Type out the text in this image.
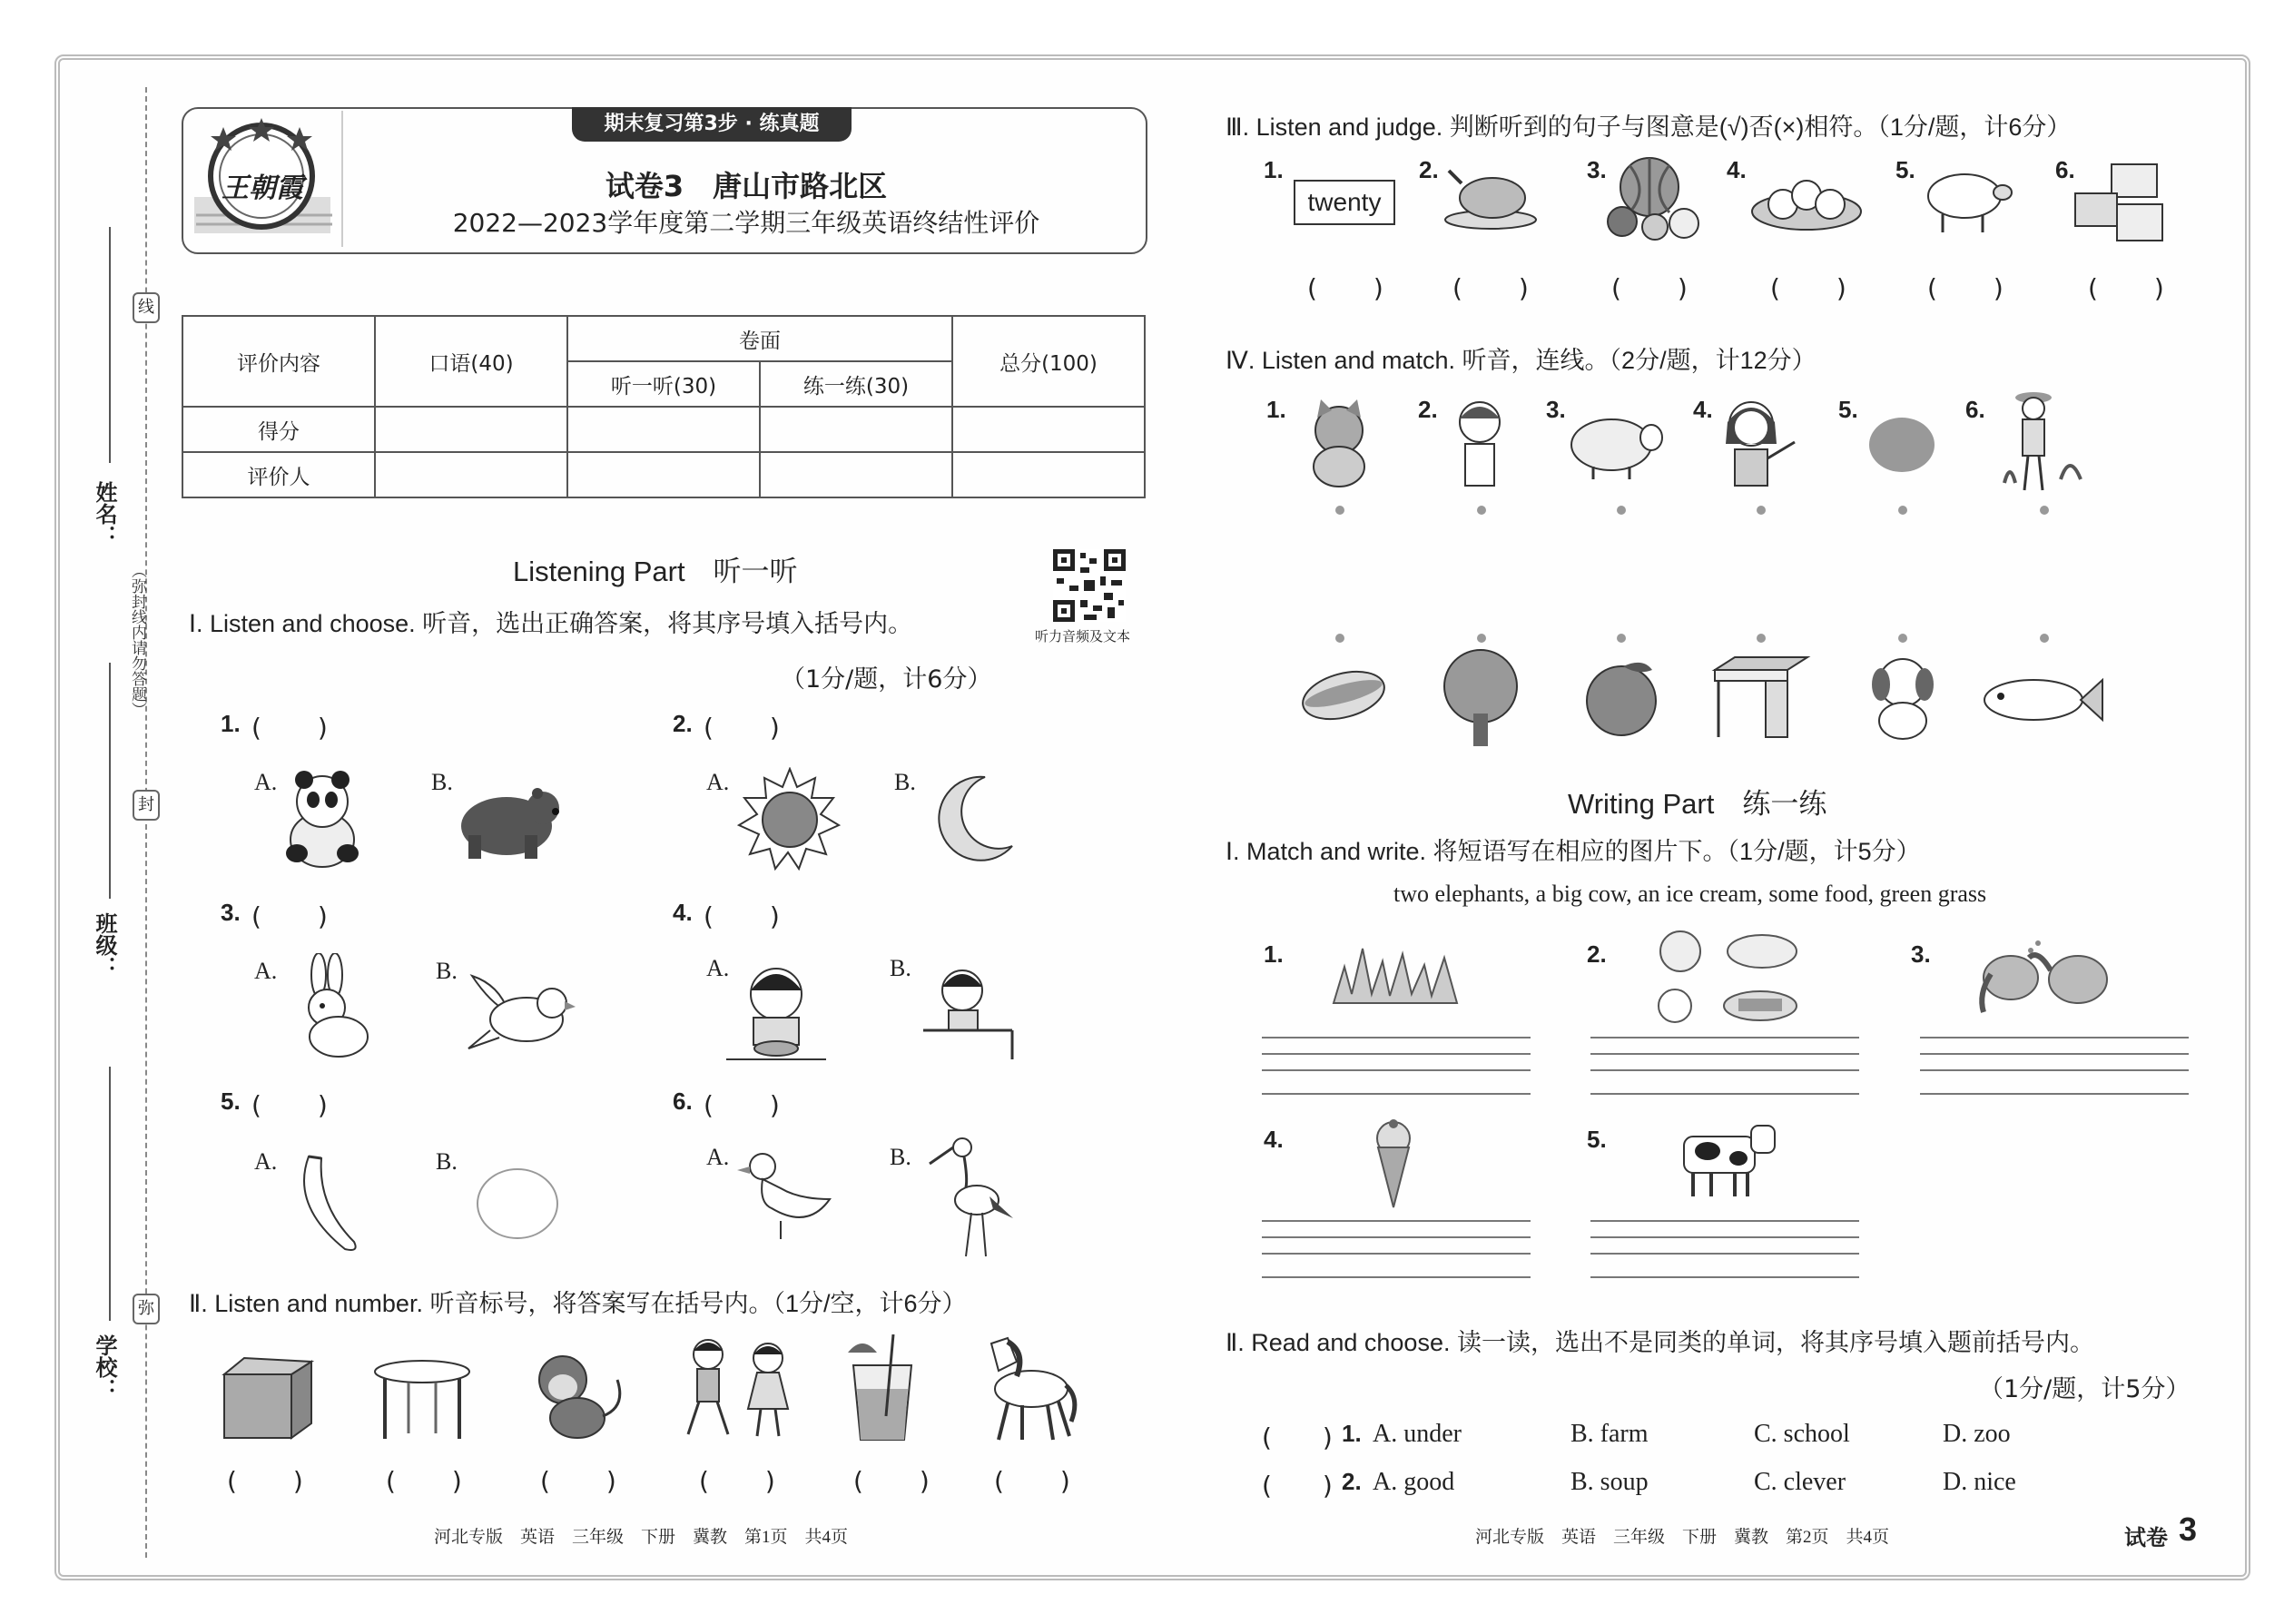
线
封
弥
（弥封线内请勿答题）
姓名：
班级：
学校：
期末复习第3步 · 练真题
王朝霞	试卷3　唐山市路北区
2022—2023学年度第二学期三年级英语终结性评价
评价内容	口语(40)	卷面		总分(100)
		听一听(30)	练一练(30)	
得分				
评价人				
Listening Part　听一听
听力音频及文本
Ⅰ. Listen and choose. 听音，选出正确答案，将其序号填入括号内。
（1分/题，计6分）
1. (　　)
A.	B.
2. (　　)
A.	B.
3. (　　)
A.	B.
4. (　　)
A.	B.
5. (　　)
A.	B.
6. (　　)
A.	B.
Ⅱ. Listen and number. 听音标号，将答案写在括号内。（1分/空，计6分）
(　　)	(　　)	(　　)	(　　)	(　　) (　　)
河北专版　英语　三年级　下册　冀教　第1页　共4页
Ⅲ. Listen and judge. 判断听到的句子与图意是(√)否(×)相符。（1分/题，计6分）
1.	2.	3.	4.	5.	6.
twenty
(　　)	(　　)	(　　)	(　　)	(　　)	(　　)
Ⅳ. Listen and match. 听音，连线。（2分/题，计12分）
1.	2.	3.	4.	5.	6.
Writing Part　练一练
Ⅰ. Match and write. 将短语写在相应的图片下。（1分/题，计5分）
two elephants, a big cow, an ice cream, some food, green grass
1.	2.	3.
4.	5.
Ⅱ. Read and choose. 读一读，选出不是同类的单词，将其序号填入题前括号内。
（1分/题，计5分）
(　　) 1. A. under	B. farm	C. school	D. zoo
(　　) 2. A. good	B. soup	C. clever	D. nice
河北专版　英语　三年级　下册　冀教　第2页　共4页	试卷 3
